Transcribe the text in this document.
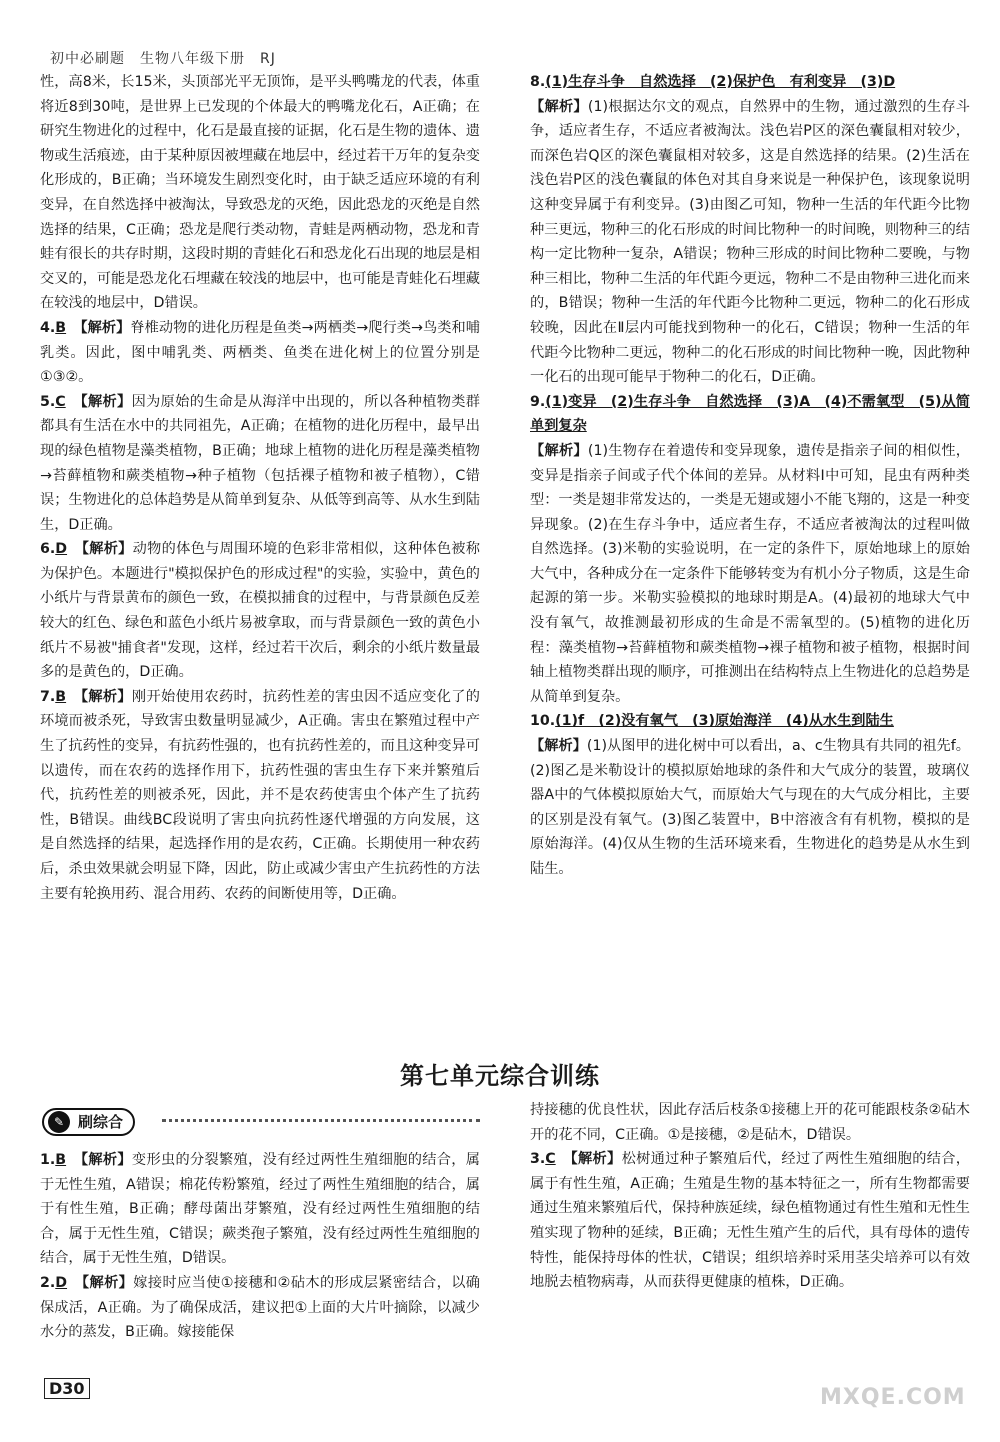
初中必刷题　生物八年级下册　RJ

性，高8米，长15米，头顶部光平无顶饰，是平头鸭嘴龙的代表，体重将近8到30吨，是世界上已发现的个体最大的鸭嘴龙化石，A正确；在研究生物进化的过程中，化石是最直接的证据，化石是生物的遗体、遗物或生活痕迹，由于某种原因被埋藏在地层中，经过若干万年的复杂变化形成的，B正确；当环境发生剧烈变化时，由于缺乏适应环境的有利变异，在自然选择中被淘汰，导致恐龙的灭绝，因此恐龙的灭绝是自然选择的结果，C正确；恐龙是爬行类动物，青蛙是两栖动物，恐龙和青蛙有很长的共存时期，这段时期的青蛙化石和恐龙化石出现的地层是相交叉的，可能是恐龙化石埋藏在较浅的地层中，也可能是青蛙化石埋藏在较浅的地层中，D错误。

4.B　 【解析】脊椎动物的进化历程是鱼类→两栖类→爬行类→鸟类和哺乳类。因此，图中哺乳类、两栖类、鱼类在进化树上的位置分别是①③②。

5.C　 【解析】因为原始的生命是从海洋中出现的，所以各种植物类群都具有生活在水中的共同祖先，A正确；在植物的进化历程中，最早出现的绿色植物是藻类植物，B正确；地球上植物的进化历程是藻类植物→苔藓植物和蕨类植物→种子植物（包括裸子植物和被子植物），C错误；生物进化的总体趋势是从简单到复杂、从低等到高等、从水生到陆生，D正确。

6.D　 【解析】动物的体色与周围环境的色彩非常相似，这种体色被称为保护色。本题进行"模拟保护色的形成过程"的实验，实验中，黄色的小纸片与背景黄布的颜色一致，在模拟捕食的过程中，与背景颜色反差较大的红色、绿色和蓝色小纸片易被拿取，而与背景颜色一致的黄色小纸片不易被"捕食者"发现，这样，经过若干次后，剩余的小纸片数量最多的是黄色的，D正确。

7.B　 【解析】刚开始使用农药时，抗药性差的害虫因不适应变化了的环境而被杀死，导致害虫数量明显减少，A正确。害虫在繁殖过程中产生了抗药性的变异，有抗药性强的，也有抗药性差的，而且这种变异可以遗传，而在农药的选择作用下，抗药性强的害虫生存下来并繁殖后代，抗药性差的则被杀死，因此，并不是农药使害虫个体产生了抗药性，B错误。曲线BC段说明了害虫向抗药性逐代增强的方向发展，这是自然选择的结果，起选择作用的是农药，C正确。长期使用一种农药后，杀虫效果就会明显下降，因此，防止或减少害虫产生抗药性的方法主要有轮换用药、混合用药、农药的间断使用等，D正确。

8.(1)生存斗争　自然选择　(2)保护色　有利变异　(3)D
【解析】(1)根据达尔文的观点，自然界中的生物，通过激烈的生存斗争，适应者生存，不适应者被淘汰。浅色岩P区的深色囊鼠相对较少，而深色岩Q区的深色囊鼠相对较多，这是自然选择的结果。(2)生活在浅色岩P区的浅色囊鼠的体色对其自身来说是一种保护色，该现象说明这种变异属于有利变异。(3)由图乙可知，物种一生活的年代距今比物种三更远，物种三的化石形成的时间比物种一的时间晚，则物种三的结构一定比物种一复杂，A错误；物种三形成的时间比物种二要晚，与物种三相比，物种二生活的年代距今更远，物种二不是由物种三进化而来的，B错误；物种一生活的年代距今比物种二更远，物种二的化石形成较晚，因此在Ⅱ层内可能找到物种一的化石，C错误；物种一生活的年代距今比物种二更远，物种二的化石形成的时间比物种一晚，因此物种一化石的出现可能早于物种二的化石，D正确。

9.(1)变异　(2)生存斗争　自然选择　(3)A　(4)不需氧型　(5)从简单到复杂
【解析】(1)生物存在着遗传和变异现象，遗传是指亲子间的相似性，变异是指亲子间或子代个体间的差异。从材料Ⅰ中可知，昆虫有两种类型：一类是翅非常发达的，一类是无翅或翅小不能飞翔的，这是一种变异现象。(2)在生存斗争中，适应者生存，不适应者被淘汰的过程叫做自然选择。(3)米勒的实验说明，在一定的条件下，原始地球上的原始大气中，各种成分在一定条件下能够转变为有机小分子物质，这是生命起源的第一步。米勒实验模拟的地球时期是A。(4)最初的地球大气中没有氧气，故推测最初形成的生命是不需氧型的。(5)植物的进化历程：藻类植物→苔藓植物和蕨类植物→裸子植物和被子植物，根据时间轴上植物类群出现的顺序，可推测出在结构特点上生物进化的总趋势是从简单到复杂。

10.(1)f　(2)没有氧气　(3)原始海洋　(4)从水生到陆生
【解析】(1)从图甲的进化树中可以看出，a、c生物具有共同的祖先f。(2)图乙是米勒设计的模拟原始地球的条件和大气成分的装置，玻璃仪器A中的气体模拟原始大气，而原始大气与现在的大气成分相比，主要的区别是没有氧气。(3)图乙装置中，B中溶液含有有机物，模拟的是原始海洋。(4)仅从生物的生活环境来看，生物进化的趋势是从水生到陆生。

第七单元综合训练
✎ 刷综合

1.B　 【解析】变形虫的分裂繁殖，没有经过两性生殖细胞的结合，属于无性生殖，A错误；棉花传粉繁殖，经过了两性生殖细胞的结合，属于有性生殖，B正确；酵母菌出芽繁殖，没有经过两性生殖细胞的结合，属于无性生殖，C错误；蕨类孢子繁殖，没有经过两性生殖细胞的结合，属于无性生殖，D错误。

2.D　 【解析】嫁接时应当使①接穗和②砧木的形成层紧密结合，以确保成活，A正确。为了确保成活，建议把①上面的大片叶摘除，以减少水分的蒸发，B正确。嫁接能保

持接穗的优良性状，因此存活后枝条①接穗上开的花可能跟枝条②砧木开的花不同，C正确。①是接穗，②是砧木，D错误。

3.C　 【解析】松树通过种子繁殖后代，经过了两性生殖细胞的结合，属于有性生殖，A正确；生殖是生物的基本特征之一，所有生物都需要通过生殖来繁殖后代，保持种族延续，绿色植物通过有性生殖和无性生殖实现了物种的延续，B正确；无性生殖产生的后代，具有母体的遗传特性，能保持母体的性状，C错误；组织培养时采用茎尖培养可以有效地脱去植物病毒，从而获得更健康的植株，D正确。

D30	MXQE.COM
